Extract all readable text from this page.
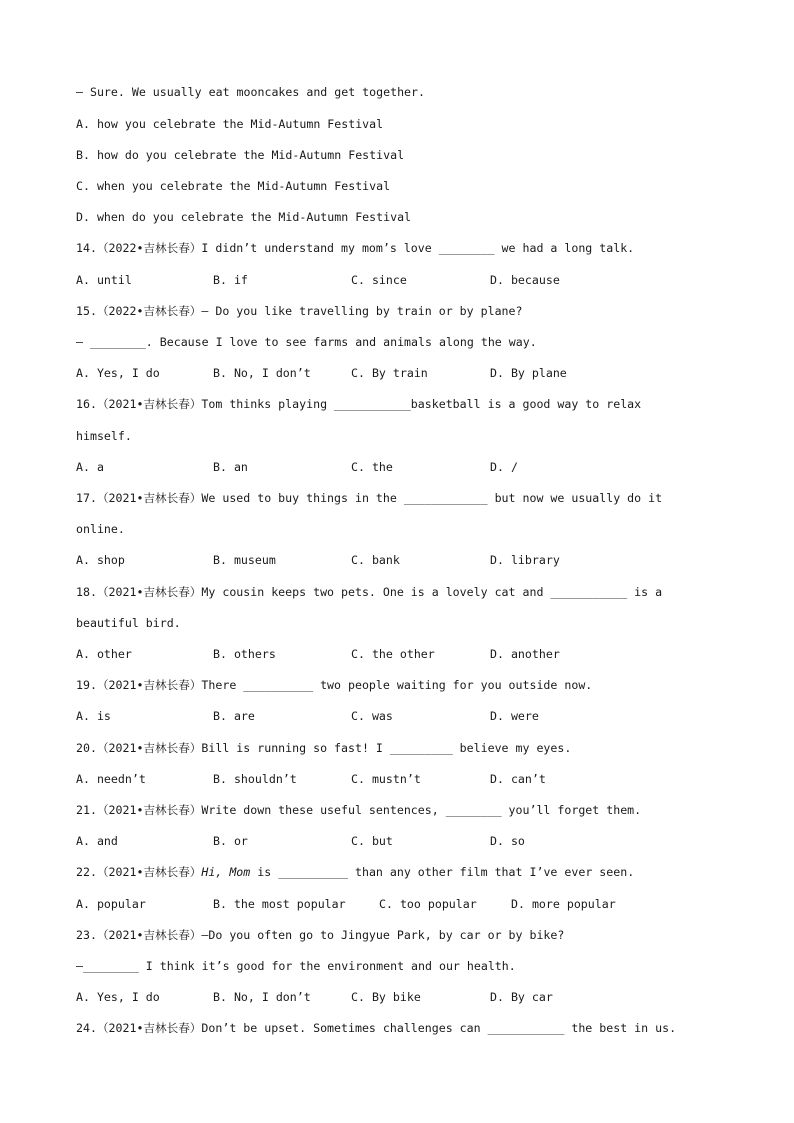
— Sure. We usually eat mooncakes and get together.
A. how you celebrate the Mid-Autumn Festival
B. how do you celebrate the Mid-Autumn Festival
C. when you celebrate the Mid-Autumn Festival
D. when do you celebrate the Mid-Autumn Festival
14.（2022•吉林长春）I didn’t understand my mom’s love ________ we had a long talk.
A. until	B. if	C. since	D. because
15.（2022•吉林长春）— Do you like travelling by train or by plane?
— ________. Because I love to see farms and animals along the way.
A. Yes, I do	B. No, I don’t	C. By train	D. By plane
16.（2021•吉林长春）Tom thinks playing ___________basketball is a good way to relax
himself.
A. a	B. an	C. the	D. /
17.（2021•吉林长春）We used to buy things in the ____________ but now we usually do it
online.
A. shop	B. museum	C. bank	D. library
18.（2021•吉林长春）My cousin keeps two pets. One is a lovely cat and ___________ is a
beautiful bird.
A. other	B. others	C. the other	D. another
19.（2021•吉林长春）There __________ two people waiting for you outside now.
A. is	B. are	C. was	D. were
20.（2021•吉林长春）Bill is running so fast! I _________ believe my eyes.
A. needn’t	B. shouldn’t	C. mustn’t	D. can’t
21.（2021•吉林长春）Write down these useful sentences, ________ you’ll forget them.
A. and	B. or	C. but	D. so
22.（2021•吉林长春）Hi, Mom is __________ than any other film that I’ve ever seen.
A. popular	B. the most popular	C. too popular	D. more popular
23.（2021•吉林长春）—Do you often go to Jingyue Park, by car or by bike?
—________ I think it’s good for the environment and our health.
A. Yes, I do	B. No, I don’t	C. By bike	D. By car
24.（2021•吉林长春）Don’t be upset. Sometimes challenges can ___________ the best in us.
